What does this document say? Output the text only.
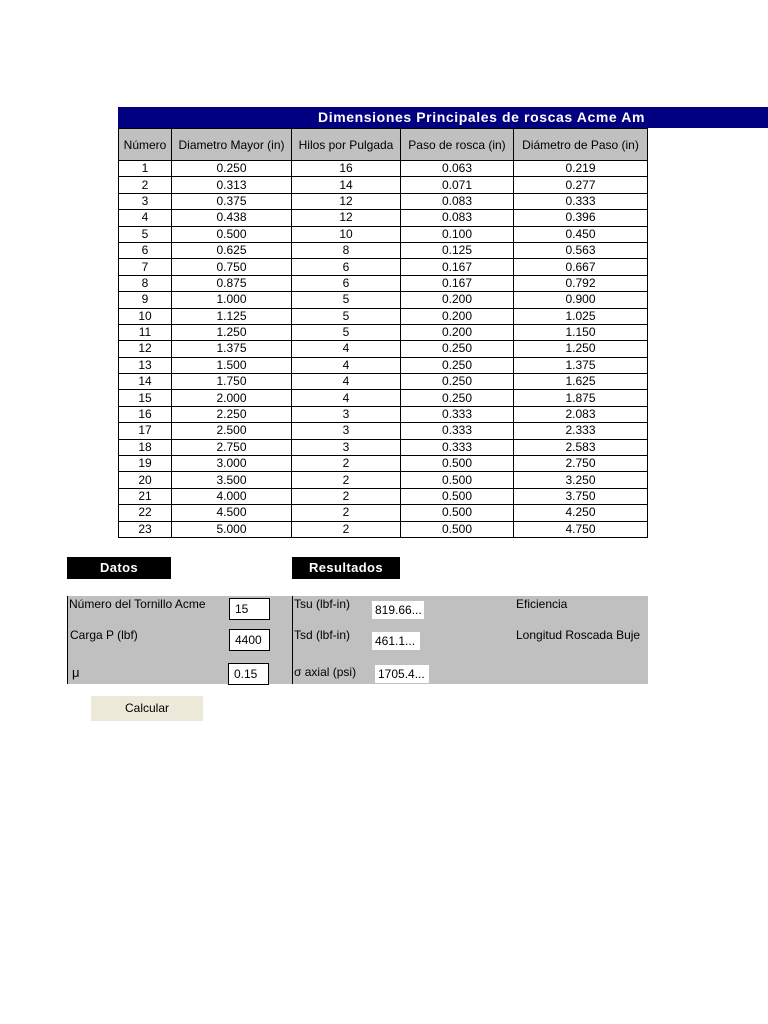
Dimensiones Principales de roscas Acme Am
Número	Diametro Mayor (in)	Hilos por Pulgada	Paso de rosca (in)	Diámetro de Paso (in)
1	0.250	16	0.063	0.219
2	0.313	14	0.071	0.277
3	0.375	12	0.083	0.333
4	0.438	12	0.083	0.396
5	0.500	10	0.100	0.450
6	0.625	8	0.125	0.563
7	0.750	6	0.167	0.667
8	0.875	6	0.167	0.792
9	1.000	5	0.200	0.900
10	1.125	5	0.200	1.025
11	1.250	5	0.200	1.150
12	1.375	4	0.250	1.250
13	1.500	4	0.250	1.375
14	1.750	4	0.250	1.625
15	2.000	4	0.250	1.875
16	2.250	3	0.333	2.083
17	2.500	3	0.333	2.333
18	2.750	3	0.333	2.583
19	3.000	2	0.500	2.750
20	3.500	2	0.500	3.250
21	4.000	2	0.500	3.750
22	4.500	2	0.500	4.250
23	5.000	2	0.500	4.750
Datos	Resultados
Número del Tornillo Acme	15
Carga P (lbf)	4400
μ	0.15
Tsu (lbf-in) 819.66...
Tsd (lbf-in) 461.1...
σ axial (psi) 1705.4...
Eficiencia
Longitud Roscada Buje
Calcular
